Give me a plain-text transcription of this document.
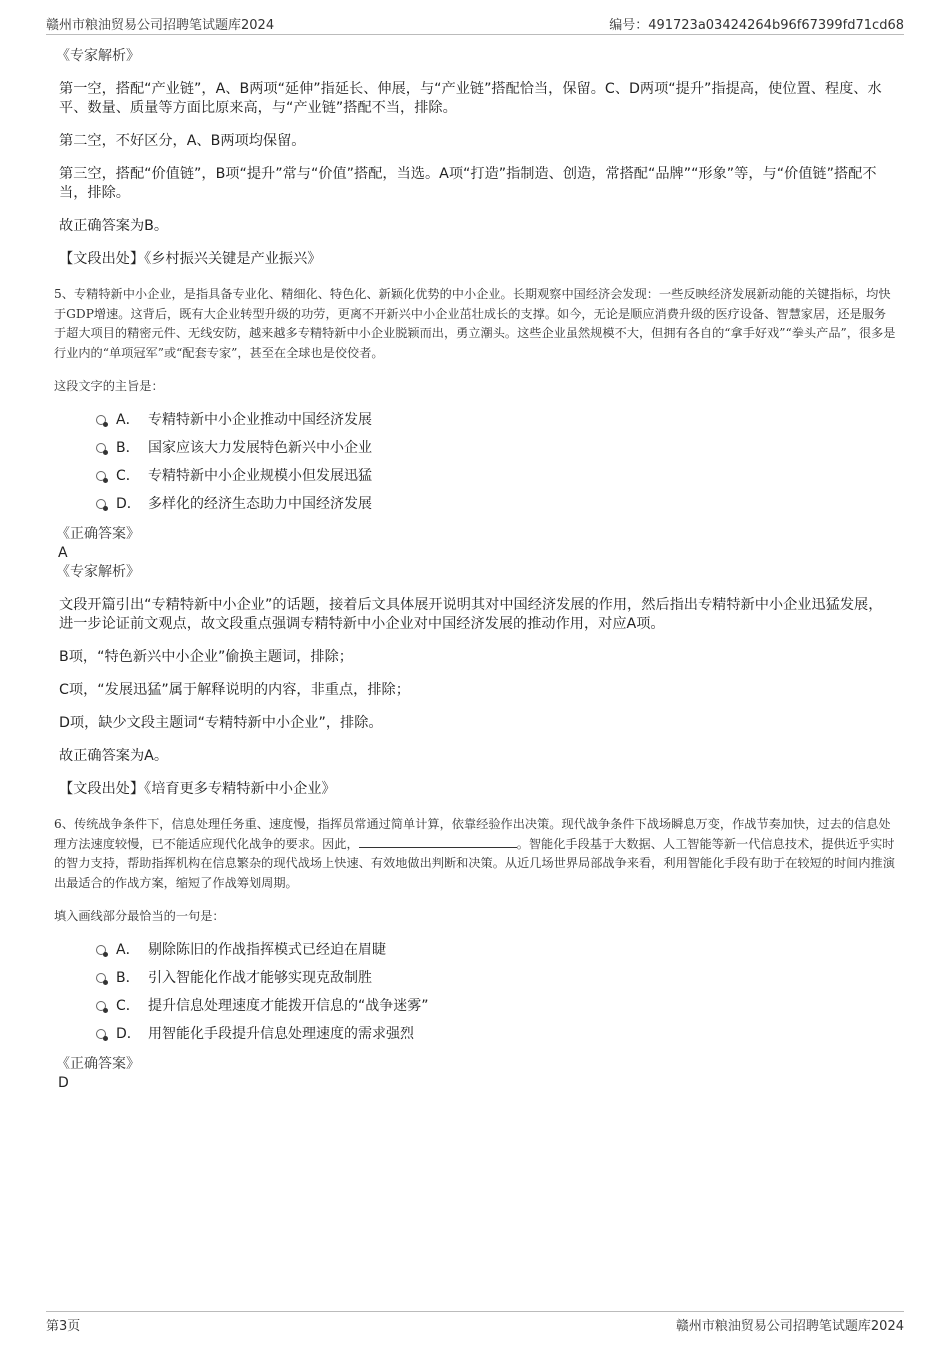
赣州市粮油贸易公司招聘笔试题库2024	编号：491723a03424264b96f67399fd71cd68

《专家解析》

第一空，搭配“产业链”，A、B两项“延伸”指延长、伸展，与“产业链”搭配恰当，保留。C、D两项“提升”指提高，使位置、程度、水平、数量、质量等方面比原来高，与“产业链”搭配不当，排除。

第二空，不好区分，A、B两项均保留。

第三空，搭配“价值链”，B项“提升”常与“价值”搭配，当选。A项“打造”指制造、创造，常搭配“品牌”“形象”等，与“价值链”搭配不当，排除。

故正确答案为B。

【文段出处】《乡村振兴关键是产业振兴》

5、专精特新中小企业，是指具备专业化、精细化、特色化、新颖化优势的中小企业。长期观察中国经济会发现：一些反映经济发展新动能的关键指标，均快于GDP增速。这背后，既有大企业转型升级的功劳，更离不开新兴中小企业茁壮成长的支撑。如今，无论是顺应消费升级的医疗设备、智慧家居，还是服务于超大项目的精密元件、无线安防，越来越多专精特新中小企业脱颖而出，勇立潮头。这些企业虽然规模不大，但拥有各自的“拿手好戏”“拳头产品”，很多是行业内的“单项冠军”或“配套专家”，甚至在全球也是佼佼者。

这段文字的主旨是：

A． 专精特新中小企业推动中国经济发展
B． 国家应该大力发展特色新兴中小企业
C． 专精特新中小企业规模小但发展迅猛
D． 多样化的经济生态助力中国经济发展

《正确答案》

A

《专家解析》

文段开篇引出“专精特新中小企业”的话题，接着后文具体展开说明其对中国经济发展的作用，然后指出专精特新中小企业迅猛发展，进一步论证前文观点，故文段重点强调专精特新中小企业对中国经济发展的推动作用，对应A项。

B项，“特色新兴中小企业”偷换主题词，排除；

C项，“发展迅猛”属于解释说明的内容，非重点，排除；

D项，缺少文段主题词“专精特新中小企业”，排除。

故正确答案为A。

【文段出处】《培育更多专精特新中小企业》

6、传统战争条件下，信息处理任务重、速度慢，指挥员常通过简单计算，依靠经验作出决策。现代战争条件下战场瞬息万变，作战节奏加快，过去的信息处理方法速度较慢，已不能适应现代化战争的要求。因此，	。智能化手段基于大数据、人工智能等新一代信息技术，提供近乎实时的智力支持，帮助指挥机构在信息繁杂的现代战场上快速、有效地做出判断和决策。从近几场世界局部战争来看，利用智能化手段有助于在较短的时间内推演出最适合的作战方案，缩短了作战筹划周期。

填入画线部分最恰当的一句是：

A． 剔除陈旧的作战指挥模式已经迫在眉睫
B． 引入智能化作战才能够实现克敌制胜
C． 提升信息处理速度才能拨开信息的“战争迷雾”
D． 用智能化手段提升信息处理速度的需求强烈

《正确答案》

D

第3页	赣州市粮油贸易公司招聘笔试题库2024
